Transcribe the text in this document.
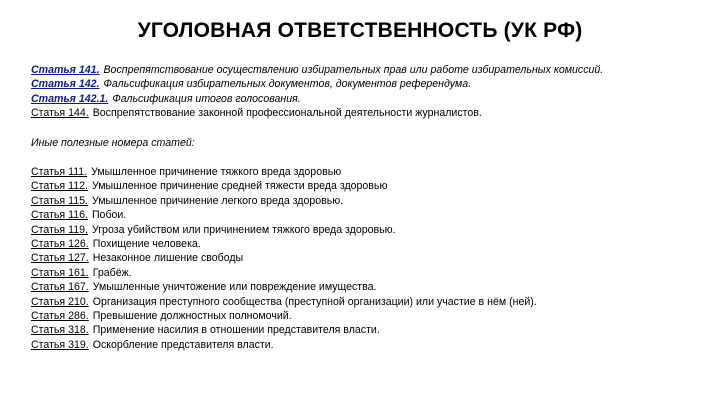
УГОЛОВНАЯ ОТВЕТСТВЕННОСТЬ (УК РФ)
Статья 141. Воспрепятствование осуществлению избирательных прав или работе избирательных комиссий.
Статья 142. Фальсификация избирательных документов, документов референдума.
Статья 142.1. Фальсификация итогов голосования.
Статья 144. Воспрепятствование законной профессиональной деятельности журналистов.
Иные полезные номера статей:
Статья 111. Умышленное причинение тяжкого вреда здоровью
Статья 112. Умышленное причинение средней тяжести вреда здоровью
Статья 115. Умышленное причинение легкого вреда здоровью.
Статья 116. Побои.
Статья 119. Угроза убийством или причинением тяжкого вреда здоровью.
Статья 126. Похищение человека.
Статья 127. Незаконное лишение свободы
Статья 161. Грабёж.
Статья 167. Умышленные уничтожение или повреждение имущества.
Статья 210. Организация преступного сообщества (преступной организации) или участие в нём (ней).
Статья 286. Превышение должностных полномочий.
Статья 318. Применение насилия в отношении представителя власти.
Статья 319. Оскорбление представителя власти.
